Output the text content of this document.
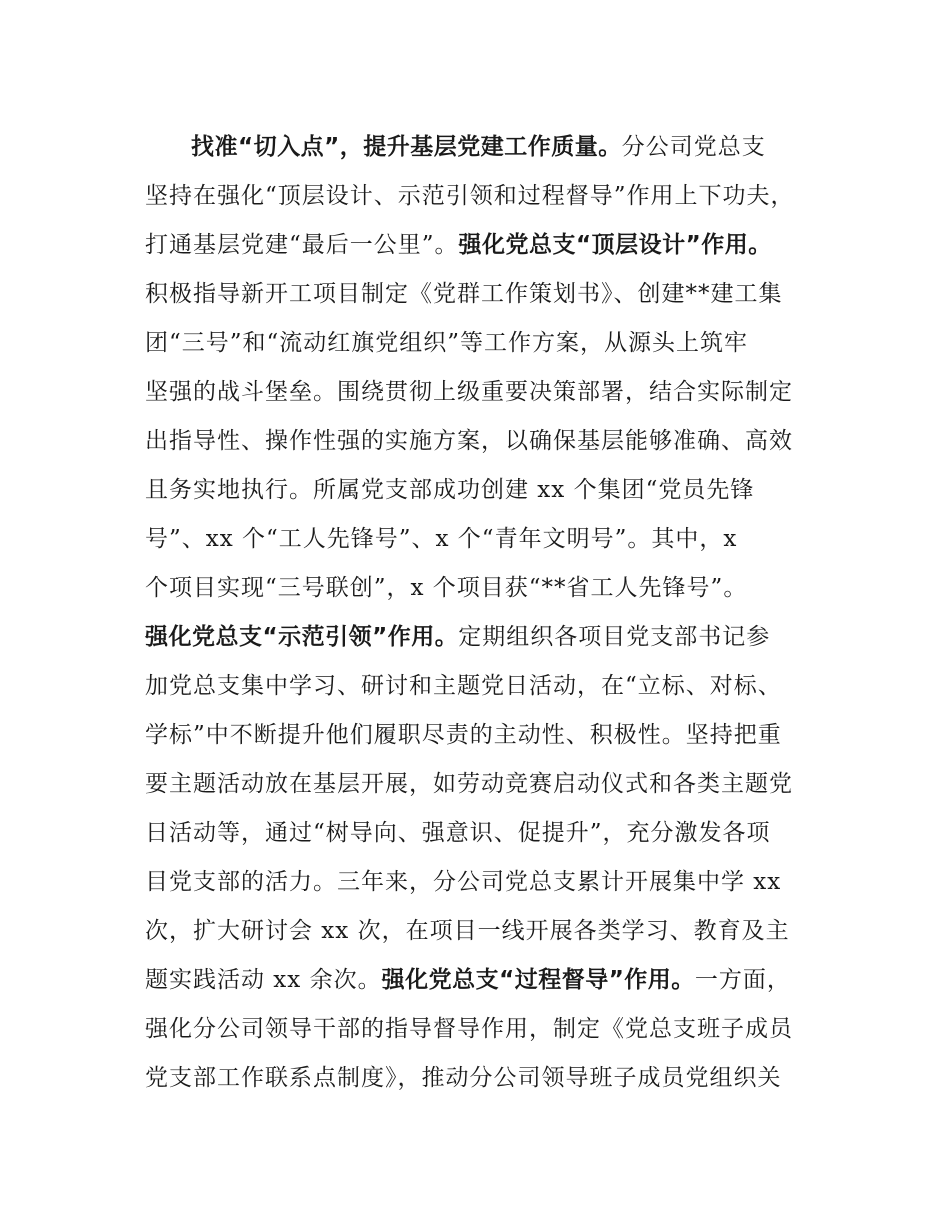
找准“切入点”，提升基层党建工作质量。分公司党总支
坚持在强化“顶层设计、示范引领和过程督导”作用上下功夫，
打通基层党建“最后一公里”。强化党总支“顶层设计”作用。
积极指导新开工项目制定《党群工作策划书》、创建**建工集
团“三号”和“流动红旗党组织”等工作方案，从源头上筑牢
坚强的战斗堡垒。围绕贯彻上级重要决策部署，结合实际制定
出指导性、操作性强的实施方案，以确保基层能够准确、高效
且务实地执行。所属党支部成功创建 xx 个集团“党员先锋
号”、xx 个“工人先锋号”、x 个“青年文明号”。其中，x
个项目实现“三号联创”，x 个项目获“**省工人先锋号”。
强化党总支“示范引领”作用。定期组织各项目党支部书记参
加党总支集中学习、研讨和主题党日活动，在“立标、对标、
学标”中不断提升他们履职尽责的主动性、积极性。坚持把重
要主题活动放在基层开展，如劳动竞赛启动仪式和各类主题党
日活动等，通过“树导向、强意识、促提升”，充分激发各项
目党支部的活力。三年来，分公司党总支累计开展集中学 xx
次，扩大研讨会 xx 次，在项目一线开展各类学习、教育及主
题实践活动 xx 余次。强化党总支“过程督导”作用。一方面，
强化分公司领导干部的指导督导作用，制定《党总支班子成员
党支部工作联系点制度》，推动分公司领导班子成员党组织关
